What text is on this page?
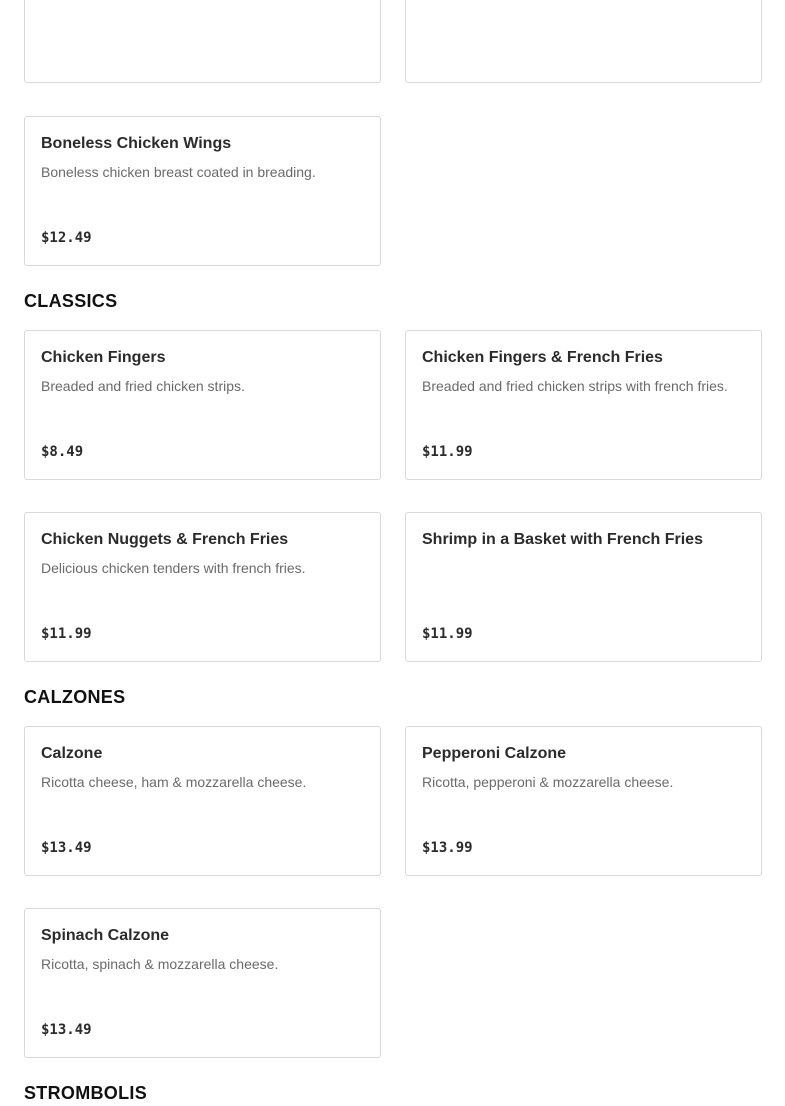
Boneless Chicken Wings
Boneless chicken breast coated in breading.
$12.49
CLASSICS
Chicken Fingers
Breaded and fried chicken strips.
$8.49
Chicken Fingers & French Fries
Breaded and fried chicken strips with french fries.
$11.99
Chicken Nuggets & French Fries
Delicious chicken tenders with french fries.
$11.99
Shrimp in a Basket with French Fries
$11.99
CALZONES
Calzone
Ricotta cheese, ham & mozzarella cheese.
$13.49
Pepperoni Calzone
Ricotta, pepperoni & mozzarella cheese.
$13.99
Spinach Calzone
Ricotta, spinach & mozzarella cheese.
$13.49
STROMBOLIS
